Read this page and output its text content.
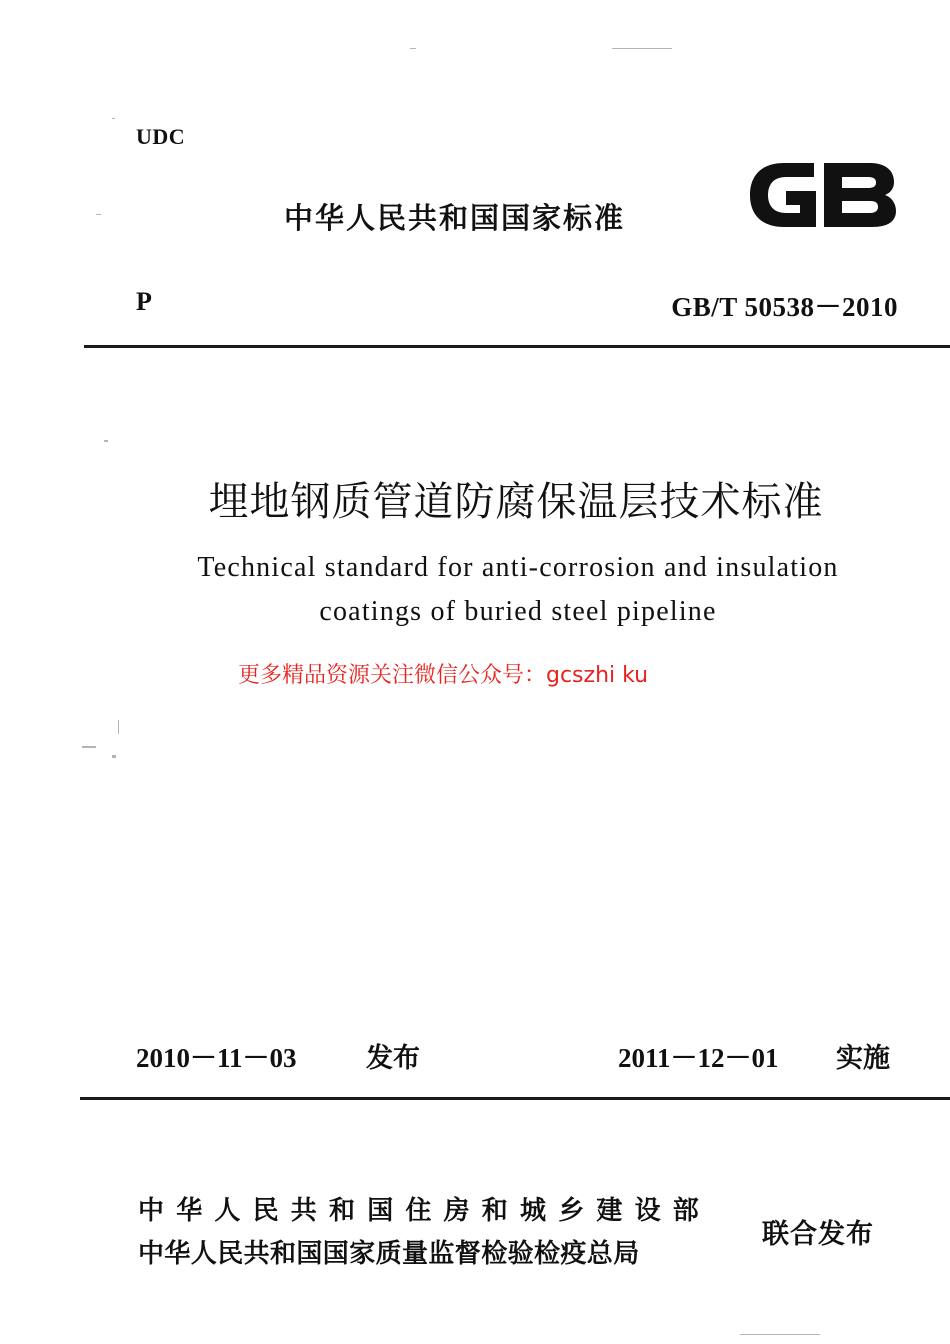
UDC
中华人民共和国国家标准
P	GB/T 50538－2010
埋地钢质管道防腐保温层技术标准
Technical standard for anti-corrosion and insulation
coatings of buried steel pipeline
更多精品资源关注微信公众号：gcszhi ku
2010－11－03	发布	2011－12－01 实施
中华人民共和国住房和城乡建设部
中华人民共和国国家质量监督检验检疫总局
联合发布
